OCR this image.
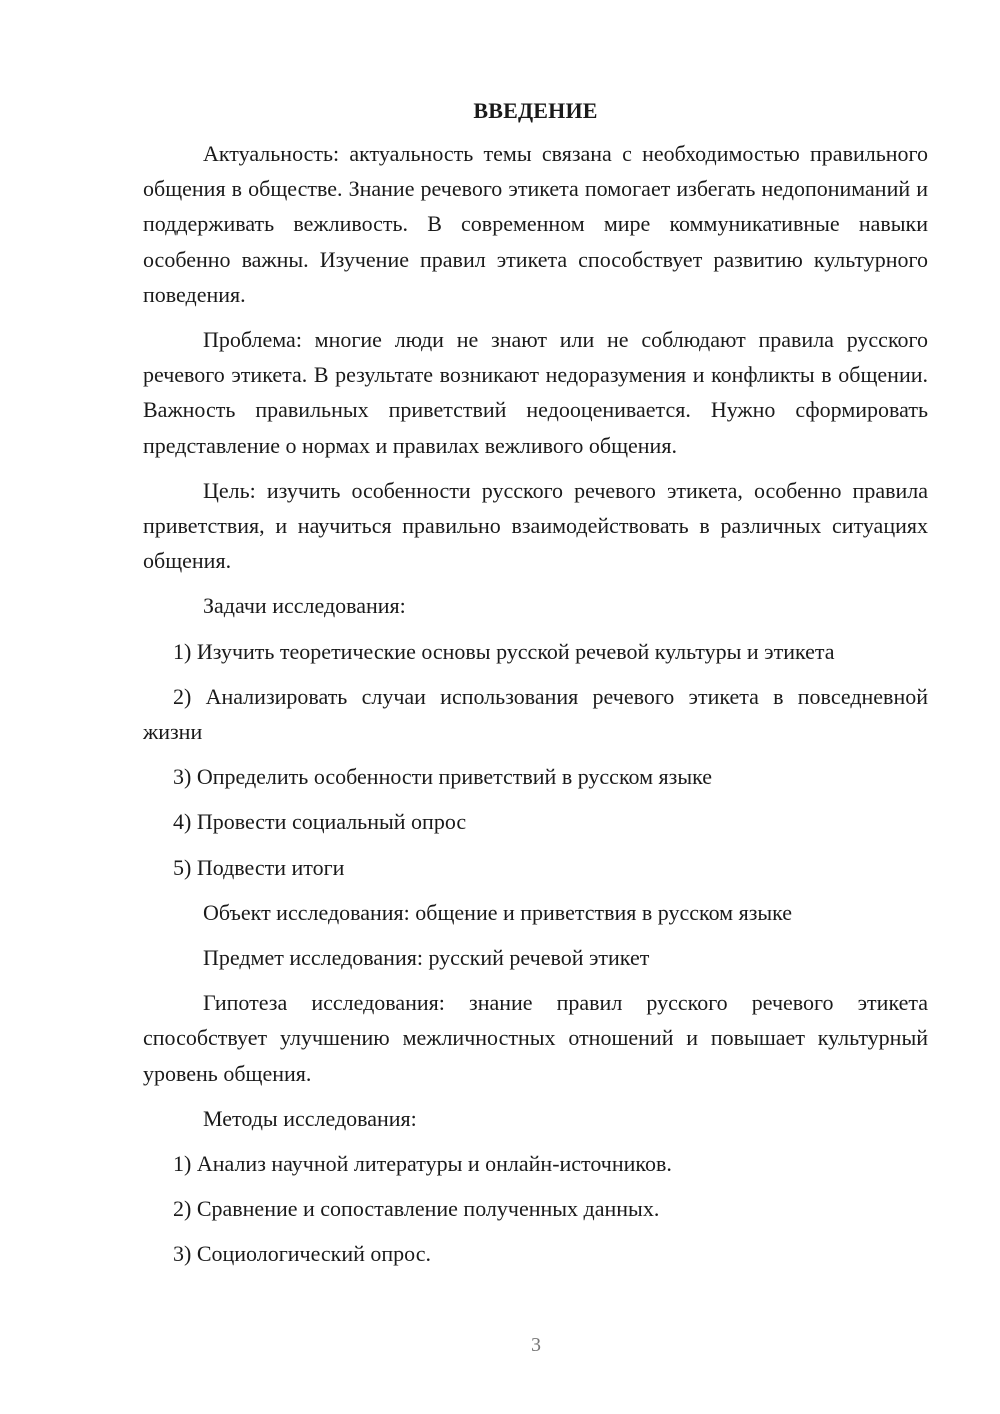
ВВЕДЕНИЕ

Актуальность: актуальность темы связана с необходимостью правильного общения в обществе. Знание речевого этикета помогает избегать недопониманий и поддерживать вежливость. В современном мире коммуникативные навыки особенно важны. Изучение правил этикета способствует развитию культурного поведения.

Проблема: многие люди не знают или не соблюдают правила русского речевого этикета. В результате возникают недоразумения и конфликты в общении. Важность правильных приветствий недооценивается. Нужно сформировать представление о нормах и правилах вежливого общения.

Цель: изучить особенности русского речевого этикета, особенно правила приветствия, и научиться правильно взаимодействовать в различных ситуациях общения.

Задачи исследования:

1) Изучить теоретические основы русской речевой культуры и этикета

2) Анализировать случаи использования речевого этикета в повседневной жизни

3) Определить особенности приветствий в русском языке

4) Провести социальный опрос

5) Подвести итоги

Объект исследования: общение и приветствия в русском языке

Предмет исследования: русский речевой этикет

Гипотеза исследования: знание правил русского речевого этикета способствует улучшению межличностных отношений и повышает культурный уровень общения.

Методы исследования:

1) Анализ научной литературы и онлайн-источников.

2) Сравнение и сопоставление полученных данных.

3) Социологический опрос.

3
